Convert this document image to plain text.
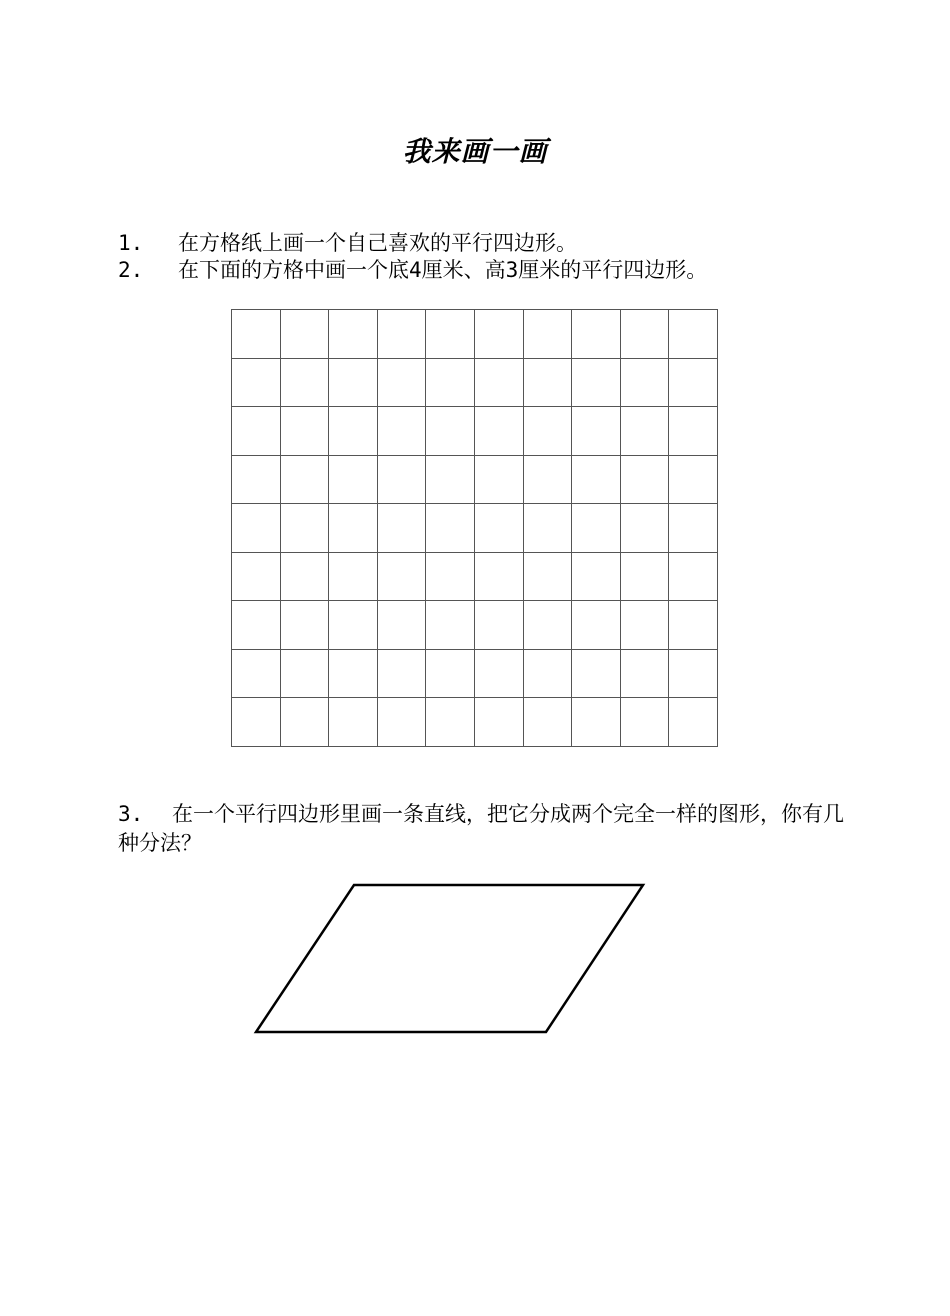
我来画一画
1. 在方格纸上画一个自己喜欢的平行四边形。
2. 在下面的方格中画一个底4厘米、高3厘米的平行四边形。
3. 在一个平行四边形里画一条直线，把它分成两个完全一样的图形，你有几种分法？
